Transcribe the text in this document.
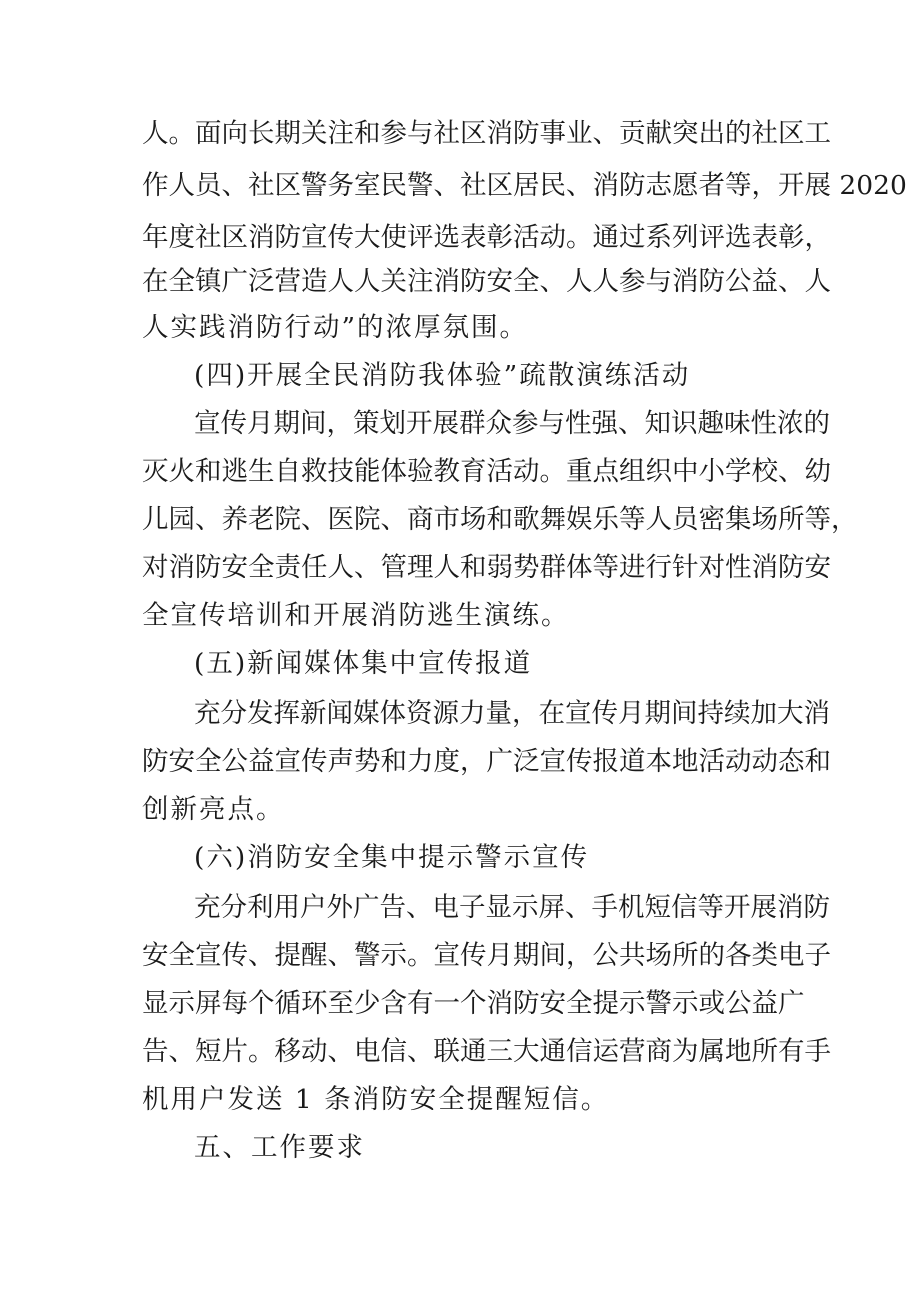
人。面向长期关注和参与社区消防事业、贡献突出的社区工
作人员、社区警务室民警、社区居民、消防志愿者等，开展 2020
年度社区消防宣传大使评选表彰活动。通过系列评选表彰，
在全镇广泛营造人人关注消防安全、人人参与消防公益、人
人实践消防行动”的浓厚氛围。
(四)开展全民消防我体验”疏散演练活动
宣传月期间，策划开展群众参与性强、知识趣味性浓的
灭火和逃生自救技能体验教育活动。重点组织中小学校、幼
儿园、养老院、医院、商市场和歌舞娱乐等人员密集场所等，
对消防安全责任人、管理人和弱势群体等进行针对性消防安
全宣传培训和开展消防逃生演练。
(五)新闻媒体集中宣传报道
充分发挥新闻媒体资源力量，在宣传月期间持续加大消
防安全公益宣传声势和力度，广泛宣传报道本地活动动态和
创新亮点。
(六)消防安全集中提示警示宣传
充分利用户外广告、电子显示屏、手机短信等开展消防
安全宣传、提醒、警示。宣传月期间，公共场所的各类电子
显示屏每个循环至少含有一个消防安全提示警示或公益广
告、短片。移动、电信、联通三大通信运营商为属地所有手
机用户发送 1 条消防安全提醒短信。
五、工作要求
